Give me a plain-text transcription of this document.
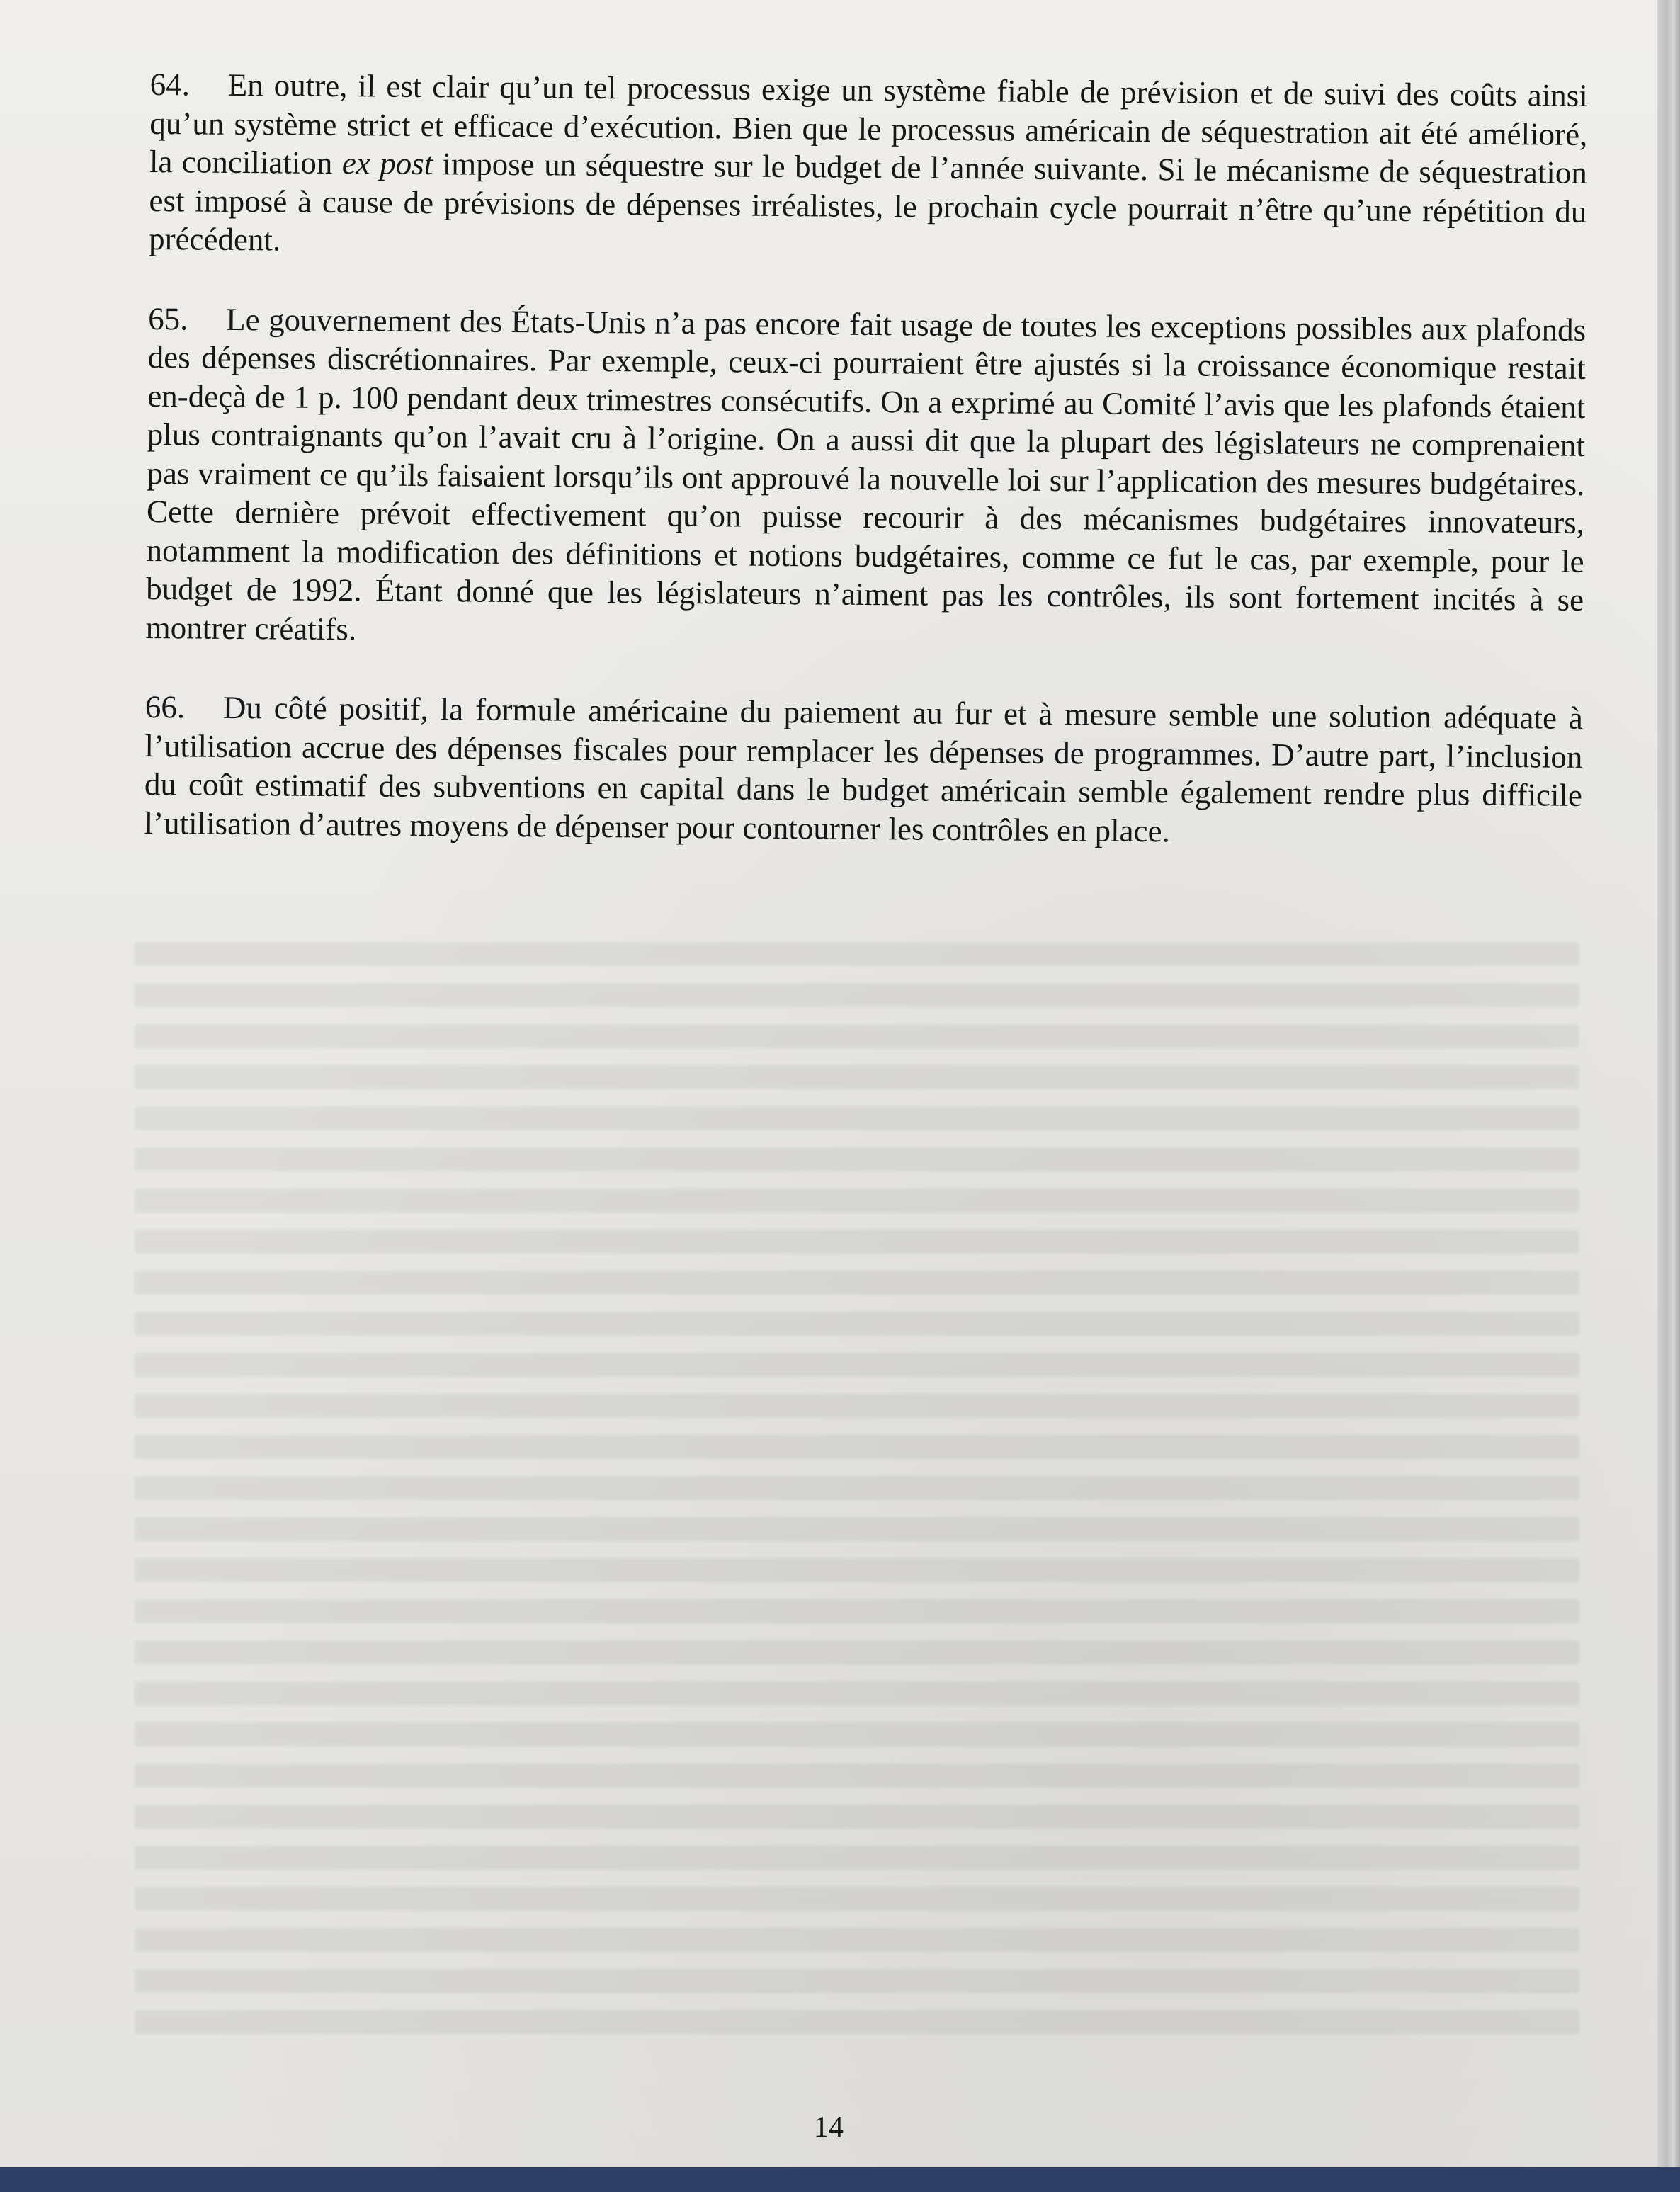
64. En outre, il est clair qu’un tel processus exige un système fiable de prévision et de suivi des coûts ainsi qu’un système strict et efficace d’exécution. Bien que le processus américain de séquestration ait été amélioré, la conciliation ex post impose un séquestre sur le budget de l’année suivante. Si le mécanisme de séquestration est imposé à cause de prévisions de dépenses irréalistes, le prochain cycle pourrait n’être qu’une répétition du précédent.

65. Le gouvernement des États-Unis n’a pas encore fait usage de toutes les exceptions possibles aux plafonds des dépenses discrétionnaires. Par exemple, ceux-ci pourraient être ajustés si la croissance économique restait en-deçà de 1 p. 100 pendant deux trimestres consécutifs. On a exprimé au Comité l’avis que les plafonds étaient plus contraignants qu’on l’avait cru à l’origine. On a aussi dit que la plupart des législateurs ne comprenaient pas vraiment ce qu’ils faisaient lorsqu’ils ont approuvé la nouvelle loi sur l’application des mesures budgétaires. Cette dernière prévoit effectivement qu’on puisse recourir à des mécanismes budgétaires innovateurs, notamment la modification des définitions et notions budgétaires, comme ce fut le cas, par exemple, pour le budget de 1992. Étant donné que les législateurs n’aiment pas les contrôles, ils sont fortement incités à se montrer créatifs.

66. Du côté positif, la formule américaine du paiement au fur et à mesure semble une solution adéquate à l’utilisation accrue des dépenses fiscales pour remplacer les dépenses de programmes. D’autre part, l’inclusion du coût estimatif des subventions en capital dans le budget américain semble également rendre plus difficile l’utilisation d’autres moyens de dépenser pour contourner les contrôles en place.

14
